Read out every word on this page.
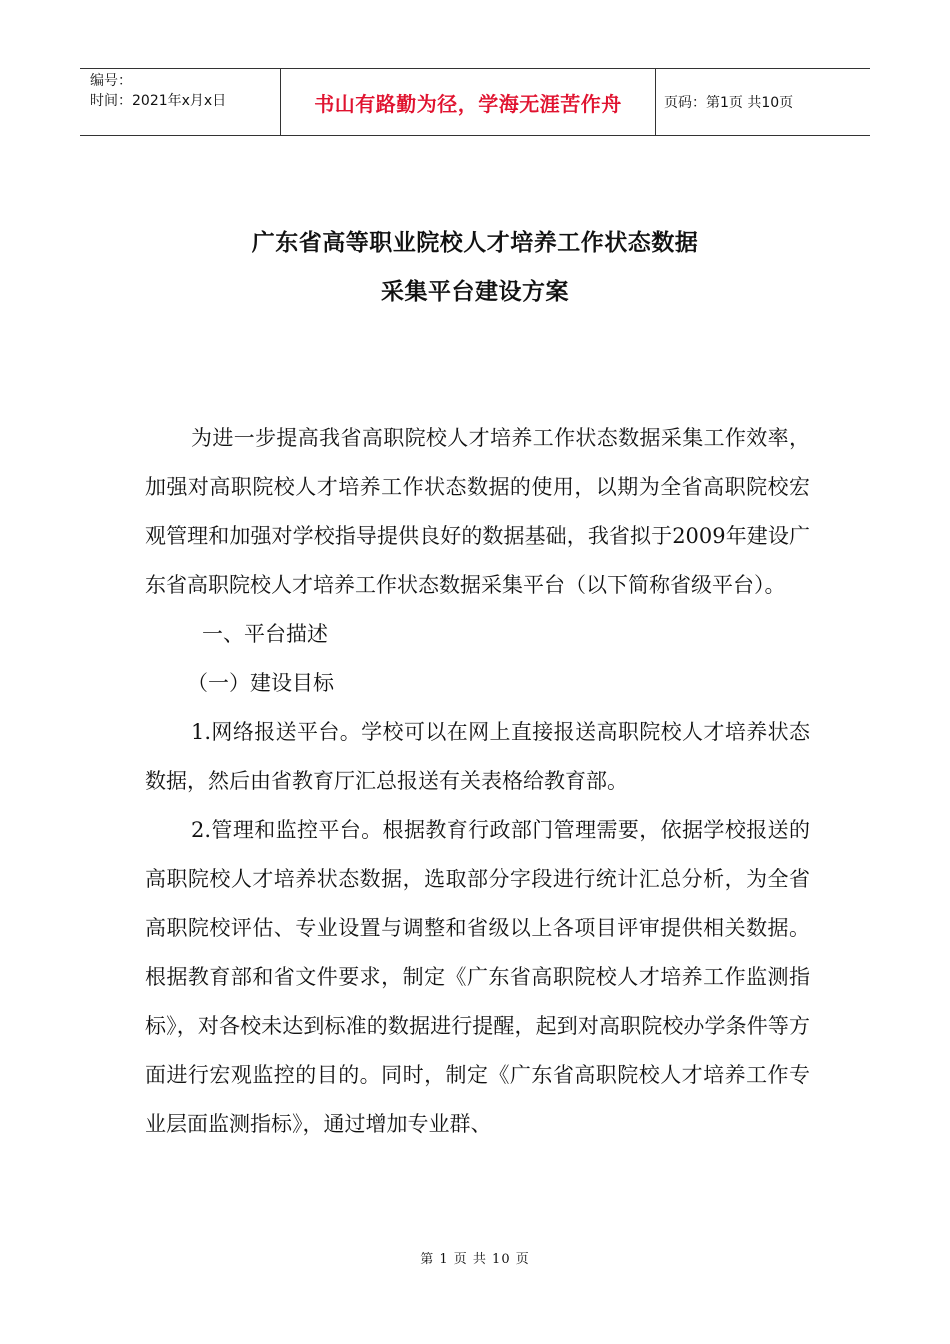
编号：
时间：2021年x月x日	书山有路勤为径，学海无涯苦作舟	页码：第1页 共10页
广东省高等职业院校人才培养工作状态数据
采集平台建设方案

为进一步提高我省高职院校人才培养工作状态数据采集工作效率，加强对高职院校人才培养工作状态数据的使用，以期为全省高职院校宏观管理和加强对学校指导提供良好的数据基础，我省拟于2009年建设广东省高职院校人才培养工作状态数据采集平台（以下简称省级平台）。

一、平台描述

（一）建设目标

1.网络报送平台。学校可以在网上直接报送高职院校人才培养状态数据，然后由省教育厅汇总报送有关表格给教育部。

2.管理和监控平台。根据教育行政部门管理需要，依据学校报送的高职院校人才培养状态数据，选取部分字段进行统计汇总分析，为全省高职院校评估、专业设置与调整和省级以上各项目评审提供相关数据。根据教育部和省文件要求，制定《广东省高职院校人才培养工作监测指标》，对各校未达到标准的数据进行提醒，起到对高职院校办学条件等方面进行宏观监控的目的。同时，制定《广东省高职院校人才培养工作专业层面监测指标》，通过增加专业群、

第 1 页 共 10 页
